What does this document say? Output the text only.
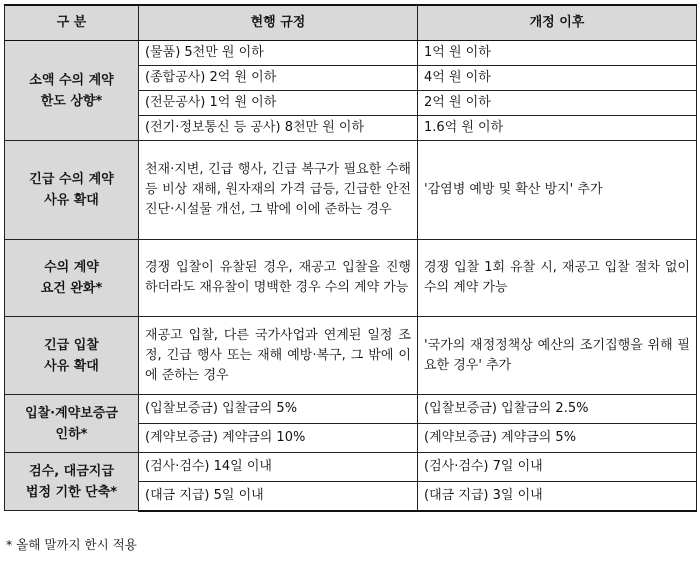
구 분	현행 규정	개정 이후

소액 수의 계약
한도 상향*	(물품) 5천만 원 이하	1억 원 이하
	(종합공사) 2억 원 이하	4억 원 이하
	(전문공사) 1억 원 이하	2억 원 이하
	(전기·정보통신 등 공사) 8천만 원 이하	1.6억 원 이하

긴급 수의 계약
사유 확대	천재·지변, 긴급 행사, 긴급 복구가 필요한 수해 등 비상 재해, 원자재의 가격 급등, 긴급한 안전 진단·시설물 개선, 그 밖에 이에 준하는 경우	'감염병 예방 및 확산 방지' 추가

수의 계약
요건 완화*	경쟁 입찰이 유찰된 경우, 재공고 입찰을 진행하더라도 재유찰이 명백한 경우 수의 계약 가능	경쟁 입찰 1회 유찰 시, 재공고 입찰 절차 없이 수의 계약 가능

긴급 입찰
사유 확대	재공고 입찰, 다른 국가사업과 연계된 일정 조정, 긴급 행사 또는 재해 예방·복구, 그 밖에 이에 준하는 경우	'국가의 재정정책상 예산의 조기집행을 위해 필요한 경우' 추가

입찰·계약보증금
인하*	(입찰보증금) 입찰금의 5%	(입찰보증금) 입찰금의 2.5%
	(계약보증금) 계약금의 10%	(계약보증금) 계약금의 5%

검수, 대금지급
법정 기한 단축*	(검사·검수) 14일 이내	(검사·검수) 7일 이내
	(대금 지급) 5일 이내	(대금 지급) 3일 이내
* 올해 말까지 한시 적용
